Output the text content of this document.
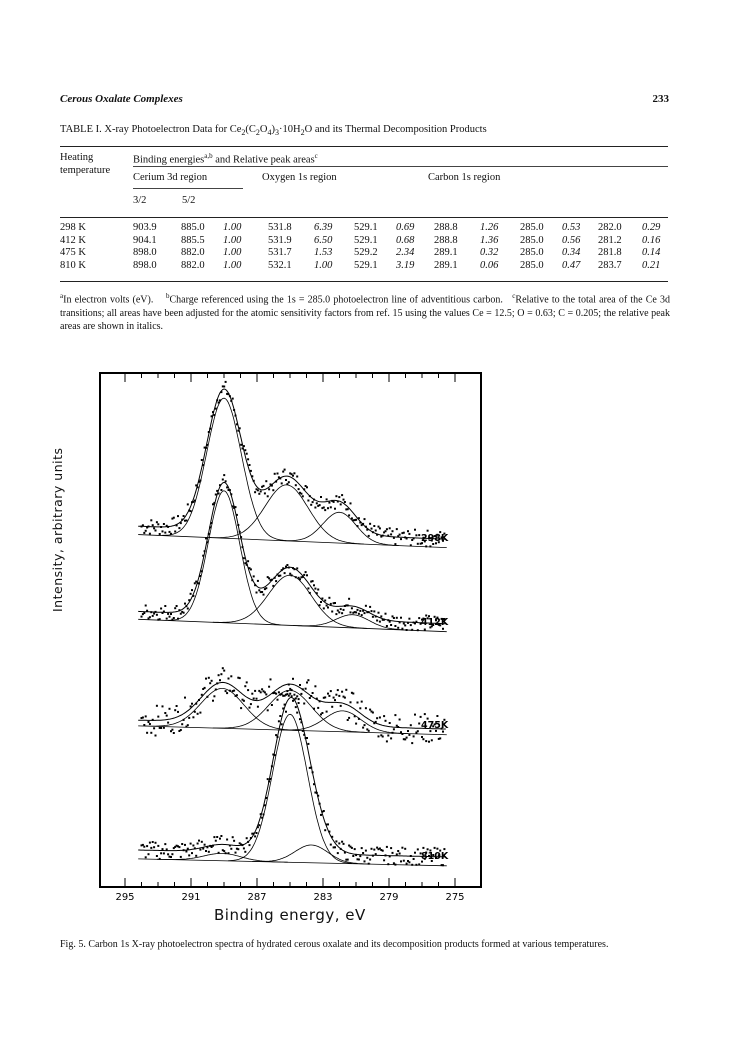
Cerous Oxalate Complexes	233
TABLE I. X-ray Photoelectron Data for $Ce_2(C_2O_4)_3\cdot 10H_2O$ and its Thermal Decomposition Products
Heating
temperature
Binding energies$^{a,b}$ and Relative peak areas$^c$
Cerium 3d region	Oxygen 1s region	Carbon 1s region
3/2	5/2
298 K	903.9	885.0	1.00	531.8	6.39	529.1	0.69	288.8	1.26	285.0	0.53	282.0	0.29
412 K	904.1	885.5	1.00	531.9	6.50	529.1	0.68	288.8	1.36	285.0	0.56	281.2	0.16
475 K	898.0	882.0	1.00	531.7	1.53	529.2	2.34	289.1	0.32	285.0	0.34	281.8	0.14
810 K	898.0	882.0	1.00	532.1	1.00	529.1	3.19	289.1	0.06	285.0	0.47	283.7	0.21
$^a$In electron volts (eV). $^b$Charge referenced using the 1s = 285.0 photoelectron line of adventitious carbon. $^c$Relative to the total area of the Ce 3d transitions; all areas have been adjusted for the atomic sensitivity factors from ref. 15 using the values Ce = 12.5; O = 0.63; C = 0.205; the relative peak areas are shown in italics.
295	291	287	283	279	275
298K
412K
475K
810K
Intensity, arbitrary units
Binding energy, eV
Fig. 5. Carbon 1s X-ray photoelectron spectra of hydrated cerous oxalate and its decomposition products formed at various temperatures.
